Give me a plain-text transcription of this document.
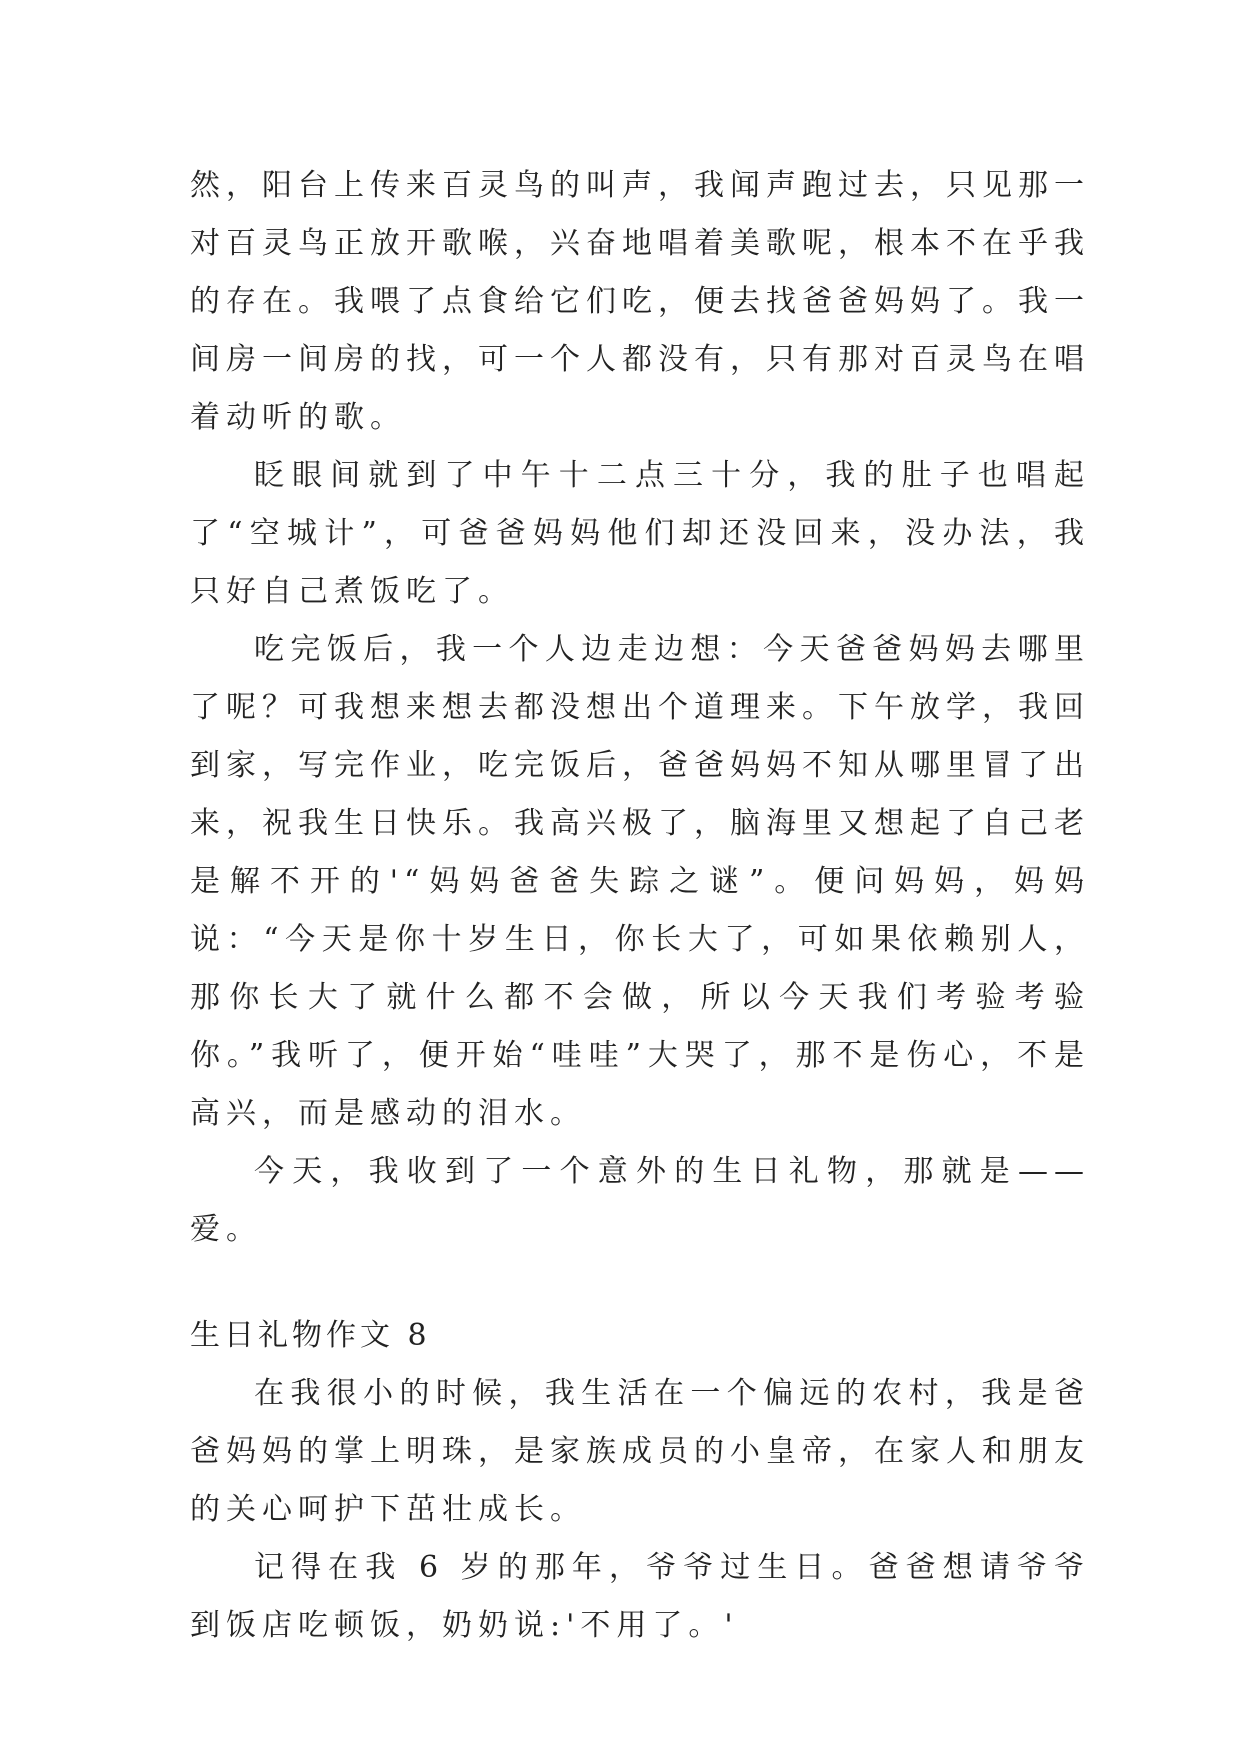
然，阳台上传来百灵鸟的叫声，我闻声跑过去，只见那一对百灵鸟正放开歌喉，兴奋地唱着美歌呢，根本不在乎我的存在。我喂了点食给它们吃，便去找爸爸妈妈了。我一间房一间房的找，可一个人都没有，只有那对百灵鸟在唱着动听的歌。

眨眼间就到了中午十二点三十分，我的肚子也唱起了“空城计”，可爸爸妈妈他们却还没回来，没办法，我只好自己煮饭吃了。

吃完饭后，我一个人边走边想：今天爸爸妈妈去哪里了呢？可我想来想去都没想出个道理来。下午放学，我回到家，写完作业，吃完饭后，爸爸妈妈不知从哪里冒了出来，祝我生日快乐。我高兴极了，脑海里又想起了自己老是解不开的'“妈妈爸爸失踪之谜”。便问妈妈，妈妈说：“今天是你十岁生日，你长大了，可如果依赖别人，那你长大了就什么都不会做，所以今天我们考验考验你。”我听了，便开始“哇哇”大哭了，那不是伤心，不是高兴，而是感动的泪水。

今天，我收到了一个意外的生日礼物，那就是——爱。

生日礼物作文 8

在我很小的时候，我生活在一个偏远的农村，我是爸爸妈妈的掌上明珠，是家族成员的小皇帝，在家人和朋友的关心呵护下茁壮成长。

记得在我 6 岁的那年，爷爷过生日。爸爸想请爷爷到饭店吃顿饭，奶奶说:'不用了。'
